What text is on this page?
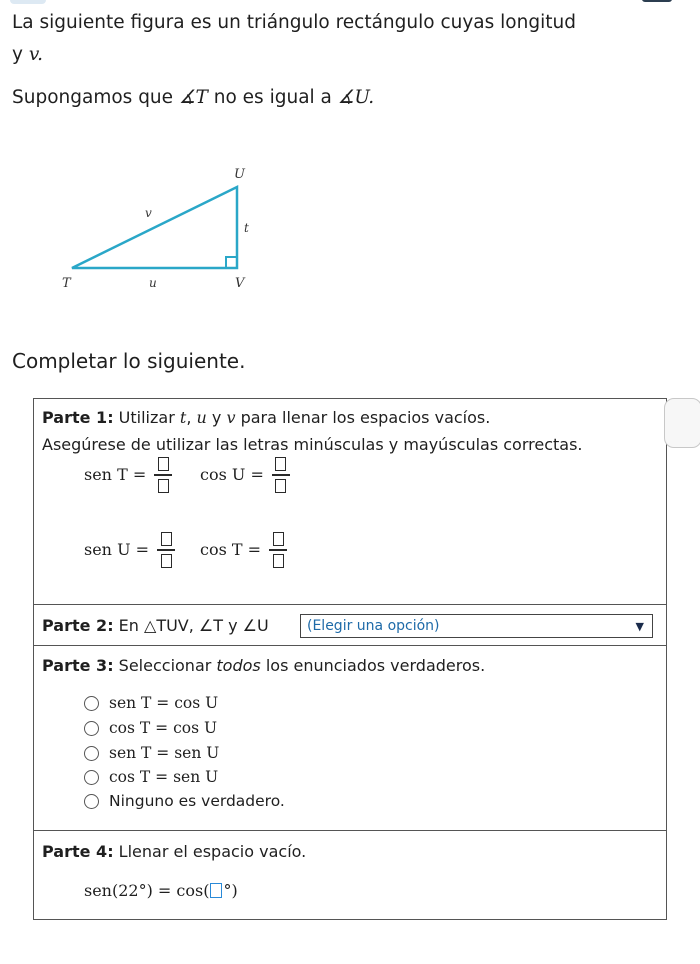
La siguiente figura es un triángulo rectángulo cuyas longitud
y v.
Supongamos que ∡T no es igual a ∡U.
U
T	V
t
u
v
Completar lo siguiente.
Parte 1: Utilizar t, u y v para llenar los espacios vacíos.
Asegúrese de utilizar las letras minúsculas y mayúsculas correctas.
sen T =	cos U =
sen U =	cos T =
Parte 2: En △TUV, ∠T y ∠U	(Elegir una opción)	▼
Parte 3: Seleccionar todos los enunciados verdaderos.
sen T = cos U
cos T = cos U
sen T = sen U
cos T = sen U
Ninguno es verdadero.
Parte 4: Llenar el espacio vacío.
sen(22°) = cos( °)
